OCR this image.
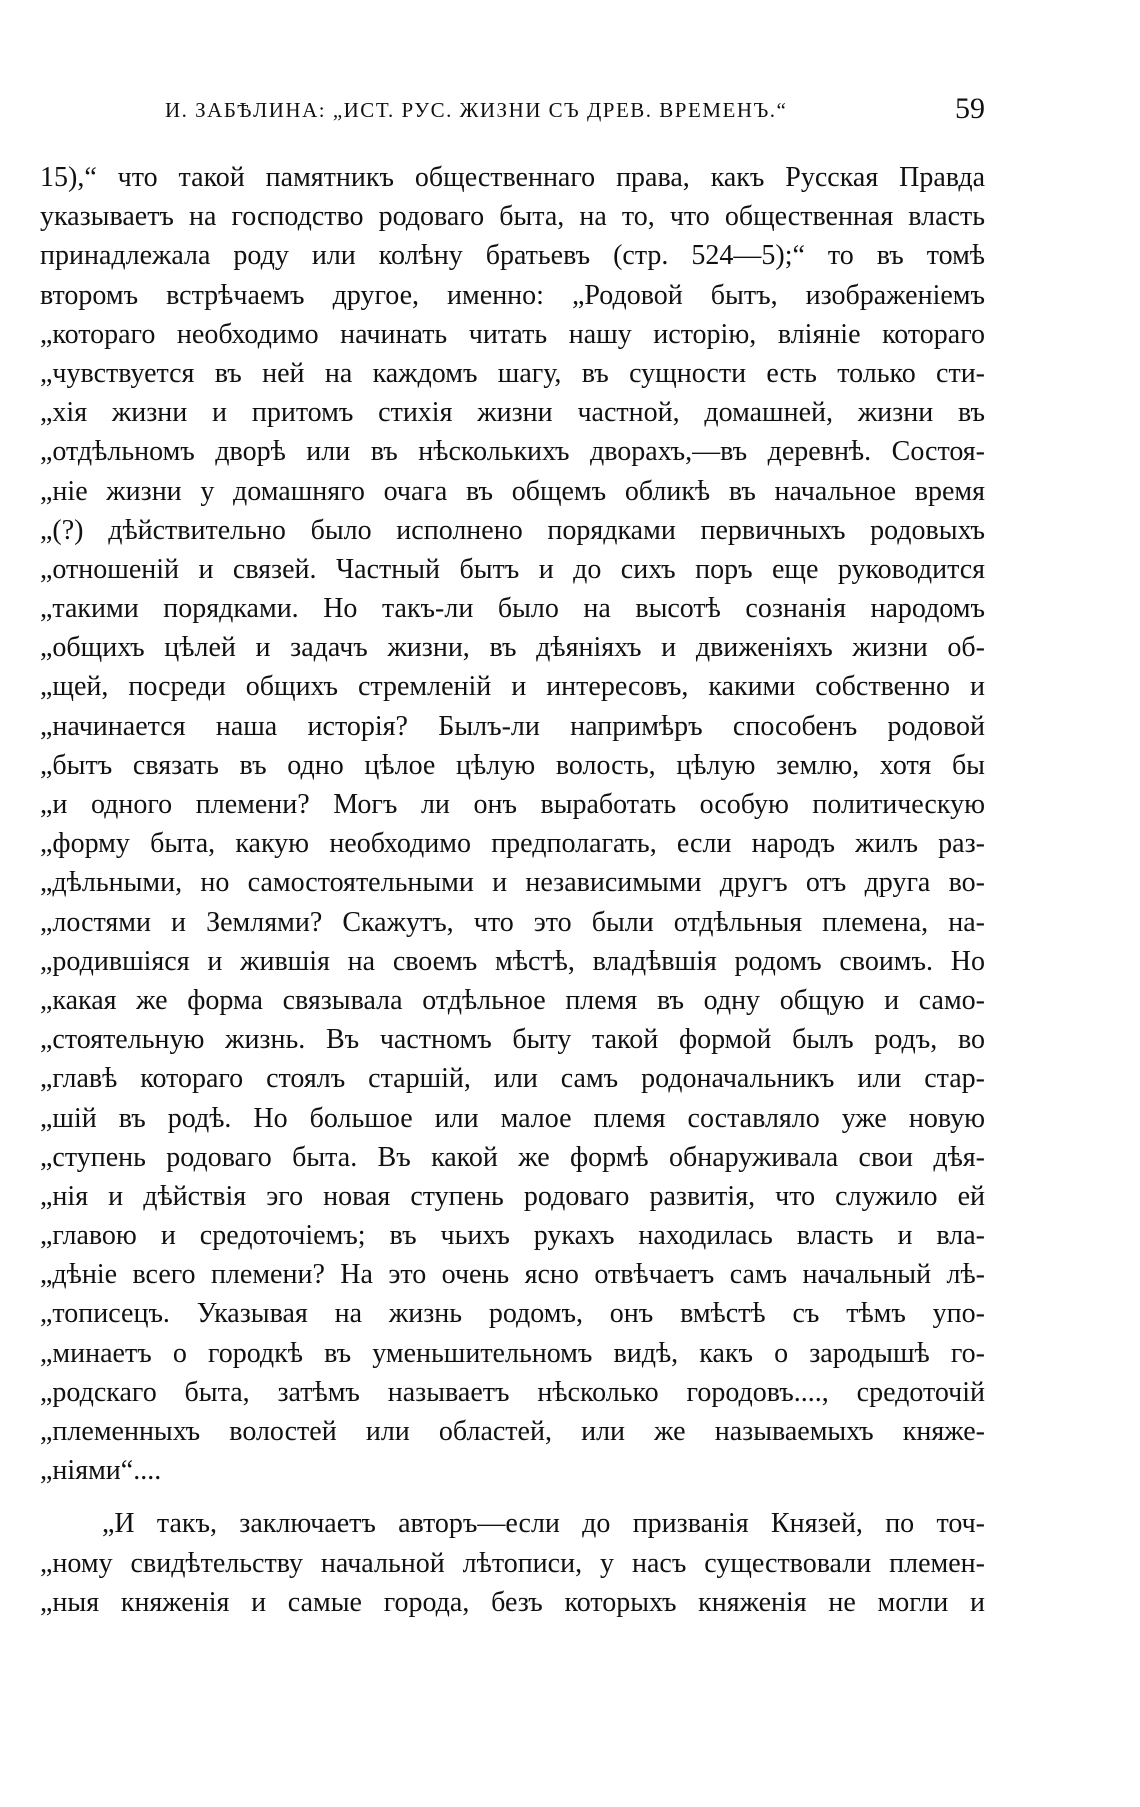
И. ЗАБѢЛИНА: „ИСТ. РУС. ЖИЗНИ СЪ ДРЕВ. ВРЕМЕНЪ.“	59
15),“ что такой памятникъ общественнаго права, какъ Русская Правда
указываетъ на господство родоваго быта, на то, что общественная власть
принадлежала роду или колѣну братьевъ (стр. 524—5);“ то въ томѣ
второмъ встрѣчаемъ другое, именно: „Родовой бытъ, изображеніемъ
„котораго необходимо начинать читать нашу исторію, вліяніе котораго
„чувствуется въ ней на каждомъ шагу, въ сущности есть только сти-
„хія жизни и притомъ стихія жизни частной, домашней, жизни въ
„отдѣльномъ дворѣ или въ нѣсколькихъ дворахъ,—въ деревнѣ. Состоя-
„ніе жизни у домашняго очага въ общемъ обликѣ въ начальное время
„(?) дѣйствительно было исполнено порядками первичныхъ родовыхъ
„отношеній и связей. Частный бытъ и до сихъ поръ еще руководится
„такими порядками. Но такъ-ли было на высотѣ сознанія народомъ
„общихъ цѣлей и задачъ жизни, въ дѣяніяхъ и движеніяхъ жизни об-
„щей, посреди общихъ стремленій и интересовъ, какими собственно и
„начинается наша исторія? Былъ-ли напримѣръ способенъ родовой
„бытъ связать въ одно цѣлое цѣлую волость, цѣлую землю, хотя бы
„и одного племени? Могъ ли онъ выработать особую политическую
„форму быта, какую необходимо предполагать, если народъ жилъ раз-
„дѣльными, но самостоятельными и независимыми другъ отъ друга во-
„лостями и Землями? Скажутъ, что это были отдѣльныя племена, на-
„родившіяся и жившія на своемъ мѣстѣ, владѣвшія родомъ своимъ. Но
„какая же форма связывала отдѣльное племя въ одну общую и само-
„стоятельную жизнь. Въ частномъ быту такой формой былъ родъ, во
„главѣ котораго стоялъ старшій, или самъ родоначальникъ или стар-
„шій въ родѣ. Но большое или малое племя составляло уже новую
„ступень родоваго быта. Въ какой же формѣ обнаруживала свои дѣя-
„нія и дѣйствія эго новая ступень родоваго развитія, что служило ей
„главою и средоточіемъ; въ чьихъ рукахъ находилась власть и вла-
„дѣніе всего племени? На это очень ясно отвѣчаетъ самъ начальный лѣ-
„тописецъ. Указывая на жизнь родомъ, онъ вмѣстѣ съ тѣмъ упо-
„минаетъ о городкѣ въ уменьшительномъ видѣ, какъ о зародышѣ го-
„родскаго быта, затѣмъ называетъ нѣсколько городовъ...., средоточій
„племенныхъ волостей или областей, или же называемыхъ княже-
„ніями“....
„И такъ, заключаетъ авторъ—если до призванія Князей, по точ-
„ному свидѣтельству начальной лѣтописи, у насъ существовали племен-
„ныя княженія и самые города, безъ которыхъ княженія не могли и
